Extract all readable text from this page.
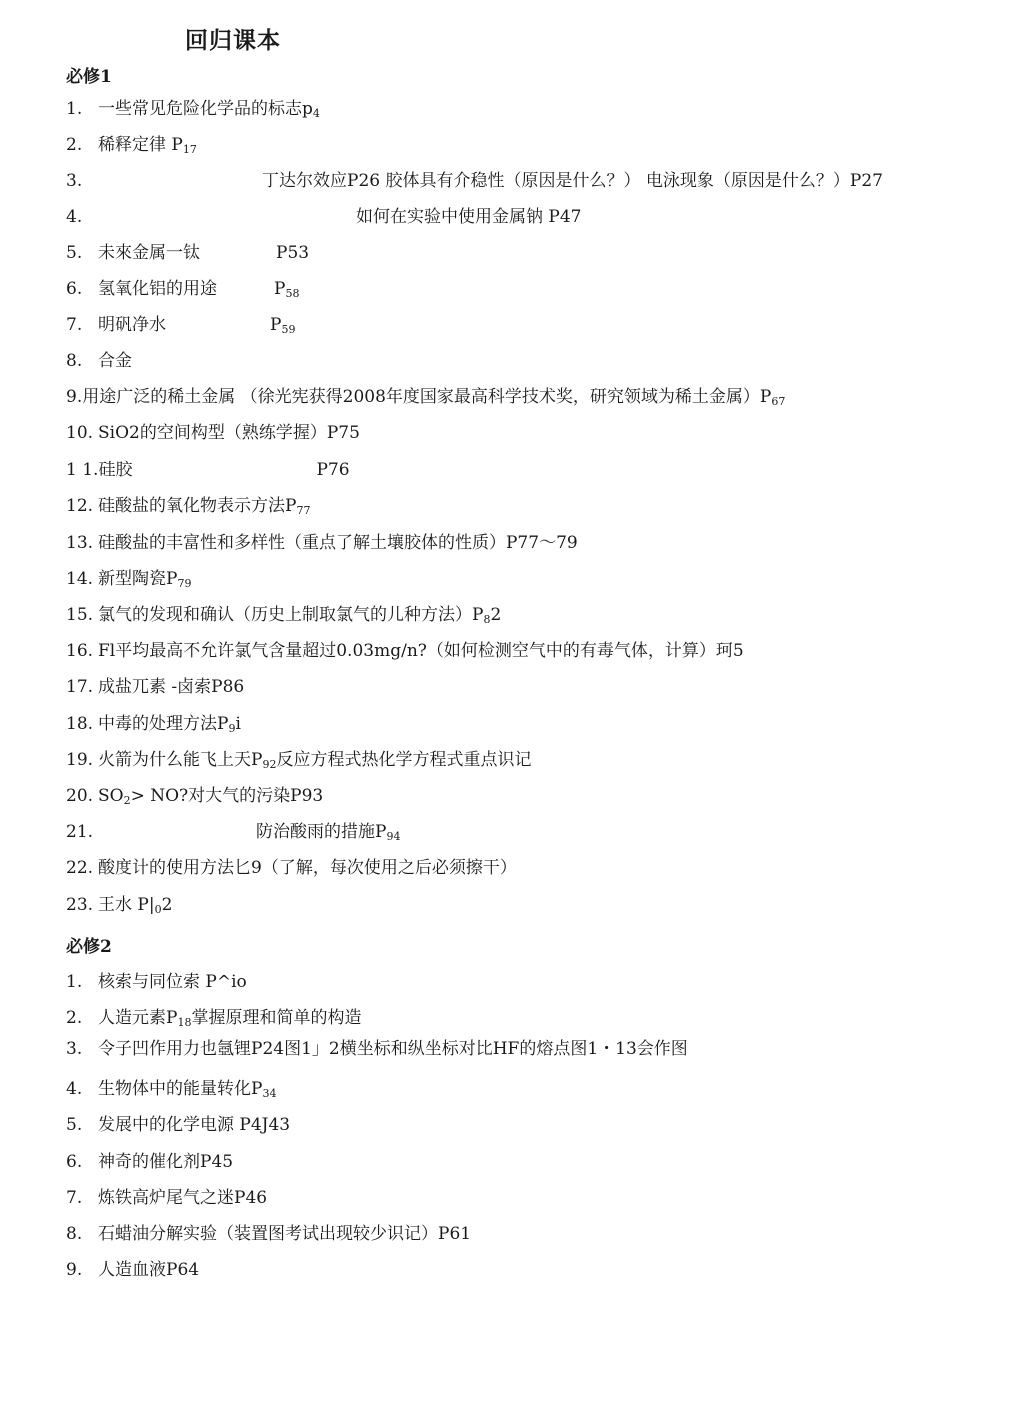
回归课本
必修1
1. 一些常见危险化学品的标志$p_4$
2. 稀释定律 $P_{17}$
3.	丁达尔效应P26 胶体具有介稳性（原因是什么？） 电泳现象（原因是什么？）P27
4.	如何在实验中使用金属钠 P47
5. 未來金属一钛	P53
6. 氢氧化铝的用途	$P_{58}$
7. 明矾净水	$P_{59}$
8. 合金
9.用途广泛的稀土金属 （徐光宪获得2008年度国家最高科学技术奖，研究领域为稀土金属）$P_{67}$
10. SiO2的空间构型（熟练学握）P75
1 1.硅胶	P76
12. 硅酸盐的氧化物表示方法$P_{77}$
13. 硅酸盐的丰富性和多样性（重点了解土壤胶体的性质）P77〜79
14. 新型陶瓷$P_{79}$
15. 氯气的发现和确认（历史上制取氯气的儿种方法）$P_82$
16. Fl平均最高不允许氯气含量超过0.03mg/n?（如何检测空气中的有毒气体，计算）珂5
17. 成盐兀素 -卤索P86
18. 中毒的处理方法$P_9i$
19. 火箭为什么能飞上天$P_{92}$反应方程式热化学方程式重点识记
20. $SO_2>$ NO?对大气的污染P93
21.	防治酸雨的措施$P_{94}$
22. 酸度计的使用方法匕9（了解，每次使用之后必须擦干）
23. 王水 $P|_02$
必修2
1. 核索与同位索 P^io
2. 人造元素$P_{18}$掌握原理和简单的构造
3. 令子凹作用力也氬锂P24图1」2横坐标和纵坐标对比HF的熔点图1・13会作图
4. 生物体中的能量转化$P_{34}$
5. 发展中的化学电源 P4J43
6. 神奇的催化剂P45
7. 炼铁高炉尾气之迷P46
8. 石蜡油分解实验（装置图考试出现较少识记）P61
9. 人造血液P64
